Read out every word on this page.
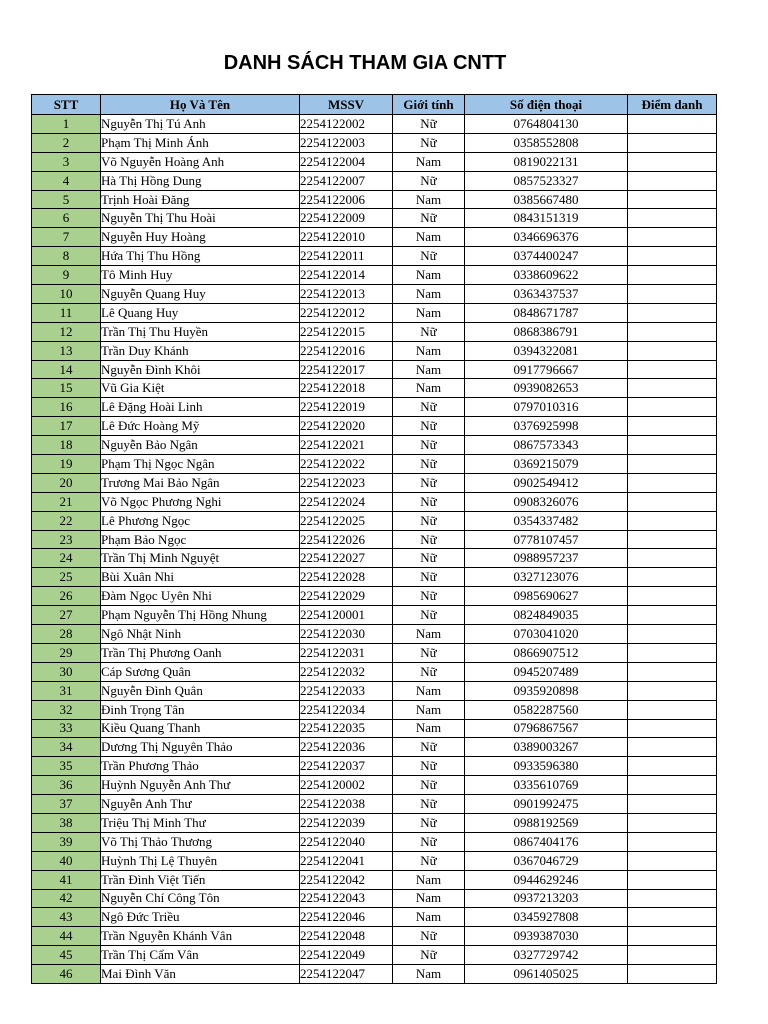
DANH SÁCH THAM GIA CNTT
STT	Họ Và Tên	MSSV	Giới tính	Số điện thoại	Điểm danh
1	Nguyễn Thị Tú Anh	2254122002	Nữ	0764804130	
2	Phạm Thị Minh Ánh	2254122003	Nữ	0358552808	
3	Võ Nguyễn Hoàng Anh	2254122004	Nam	0819022131	
4	Hà Thị Hồng Dung	2254122007	Nữ	0857523327	
5	Trịnh Hoài Đăng	2254122006	Nam	0385667480	
6	Nguyễn Thị Thu Hoài	2254122009	Nữ	0843151319	
7	Nguyễn Huy Hoàng	2254122010	Nam	0346696376	
8	Hứa Thị Thu Hồng	2254122011	Nữ	0374400247	
9	Tô Minh Huy	2254122014	Nam	0338609622	
10	Nguyễn Quang Huy	2254122013	Nam	0363437537	
11	Lê Quang Huy	2254122012	Nam	0848671787	
12	Trần Thị Thu Huyền	2254122015	Nữ	0868386791	
13	Trần Duy Khánh	2254122016	Nam	0394322081	
14	Nguyễn Đình Khôi	2254122017	Nam	0917796667	
15	Vũ Gia Kiệt	2254122018	Nam	0939082653	
16	Lê Đặng Hoài Linh	2254122019	Nữ	0797010316	
17	Lê Đức Hoàng Mỹ	2254122020	Nữ	0376925998	
18	Nguyễn Bảo Ngân	2254122021	Nữ	0867573343	
19	Phạm Thị Ngọc Ngân	2254122022	Nữ	0369215079	
20	Trương Mai Bảo Ngân	2254122023	Nữ	0902549412	
21	Võ Ngọc Phương Nghi	2254122024	Nữ	0908326076	
22	Lê Phương Ngọc	2254122025	Nữ	0354337482	
23	Phạm Bảo Ngọc	2254122026	Nữ	0778107457	
24	Trần Thị Minh Nguyệt	2254122027	Nữ	0988957237	
25	Bùi Xuân Nhi	2254122028	Nữ	0327123076	
26	Đàm Ngọc Uyên Nhi	2254122029	Nữ	0985690627	
27	Phạm Nguyễn Thị Hồng Nhung	2254120001	Nữ	0824849035	
28	Ngô Nhật Ninh	2254122030	Nam	0703041020	
29	Trần Thị Phương Oanh	2254122031	Nữ	0866907512	
30	Cáp Sương Quân	2254122032	Nữ	0945207489	
31	Nguyễn Đình Quân	2254122033	Nam	0935920898	
32	Đinh Trọng Tân	2254122034	Nam	0582287560	
33	Kiều Quang Thanh	2254122035	Nam	0796867567	
34	Dương Thị Nguyên Thảo	2254122036	Nữ	0389003267	
35	Trần Phương Thảo	2254122037	Nữ	0933596380	
36	Huỳnh Nguyễn Anh Thư	2254120002	Nữ	0335610769	
37	Nguyễn Anh Thư	2254122038	Nữ	0901992475	
38	Triệu Thị Minh Thư	2254122039	Nữ	0988192569	
39	Võ Thị Thảo Thương	2254122040	Nữ	0867404176	
40	Huỳnh Thị Lệ Thuyên	2254122041	Nữ	0367046729	
41	Trần Đình Việt Tiến	2254122042	Nam	0944629246	
42	Nguyễn Chí Công Tôn	2254122043	Nam	0937213203	
43	Ngô Đức Triều	2254122046	Nam	0345927808	
44	Trần Nguyễn Khánh Vân	2254122048	Nữ	0939387030	
45	Trần Thị Cẩm Vân	2254122049	Nữ	0327729742	
46	Mai Đình Văn	2254122047	Nam	0961405025	
